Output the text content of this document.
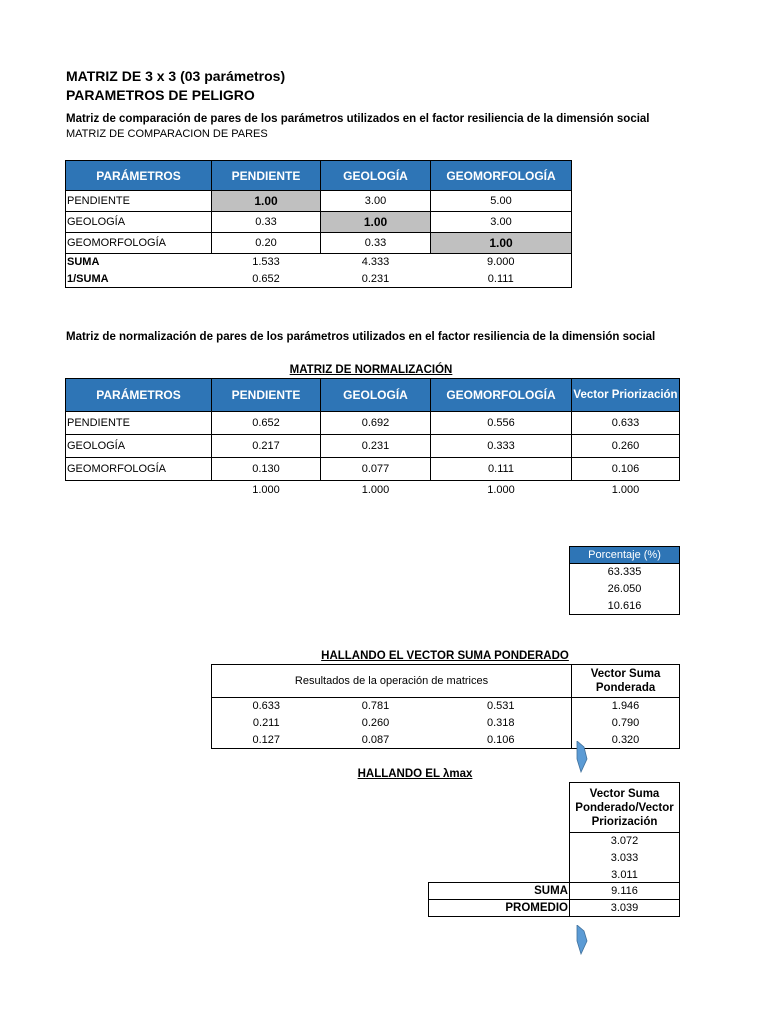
MATRIZ DE 3 x 3 (03 parámetros)
PARAMETROS DE PELIGRO
Matriz de comparación de pares de los parámetros utilizados en el factor resiliencia de la dimensión social
MATRIZ DE COMPARACION DE PARES
PARÁMETROS	PENDIENTE	GEOLOGÍA	GEOMORFOLOGÍA
PENDIENTE	1.00	3.00	5.00
GEOLOGÍA	0.33	1.00	3.00
GEOMORFOLOGÍA	0.20	0.33	1.00
SUMA	1.533	4.333	9.000
1/SUMA	0.652	0.231	0.111
Matriz de normalización de pares de los parámetros utilizados en el factor resiliencia de la dimensión social
MATRIZ DE NORMALIZACIÓN
PARÁMETROS	PENDIENTE	GEOLOGÍA	GEOMORFOLOGÍA	Vector Priorización
PENDIENTE	0.652	0.692	0.556	0.633
GEOLOGÍA	0.217	0.231	0.333	0.260
GEOMORFOLOGÍA	0.130	0.077	0.111	0.106
	1.000	1.000	1.000	1.000
Porcentaje (%)
63.335
26.050
10.616
HALLANDO EL VECTOR SUMA PONDERADO
Resultados de la operación de matrices			Vector Suma Ponderada
0.633	0.781	0.531	1.946
0.211	0.260	0.318	0.790
0.127	0.087	0.106	0.320
HALLANDO EL λmax
Vector Suma Ponderado/Vector Priorización
3.072
3.033
3.011
SUMA	9.116
PROMEDIO	3.039
